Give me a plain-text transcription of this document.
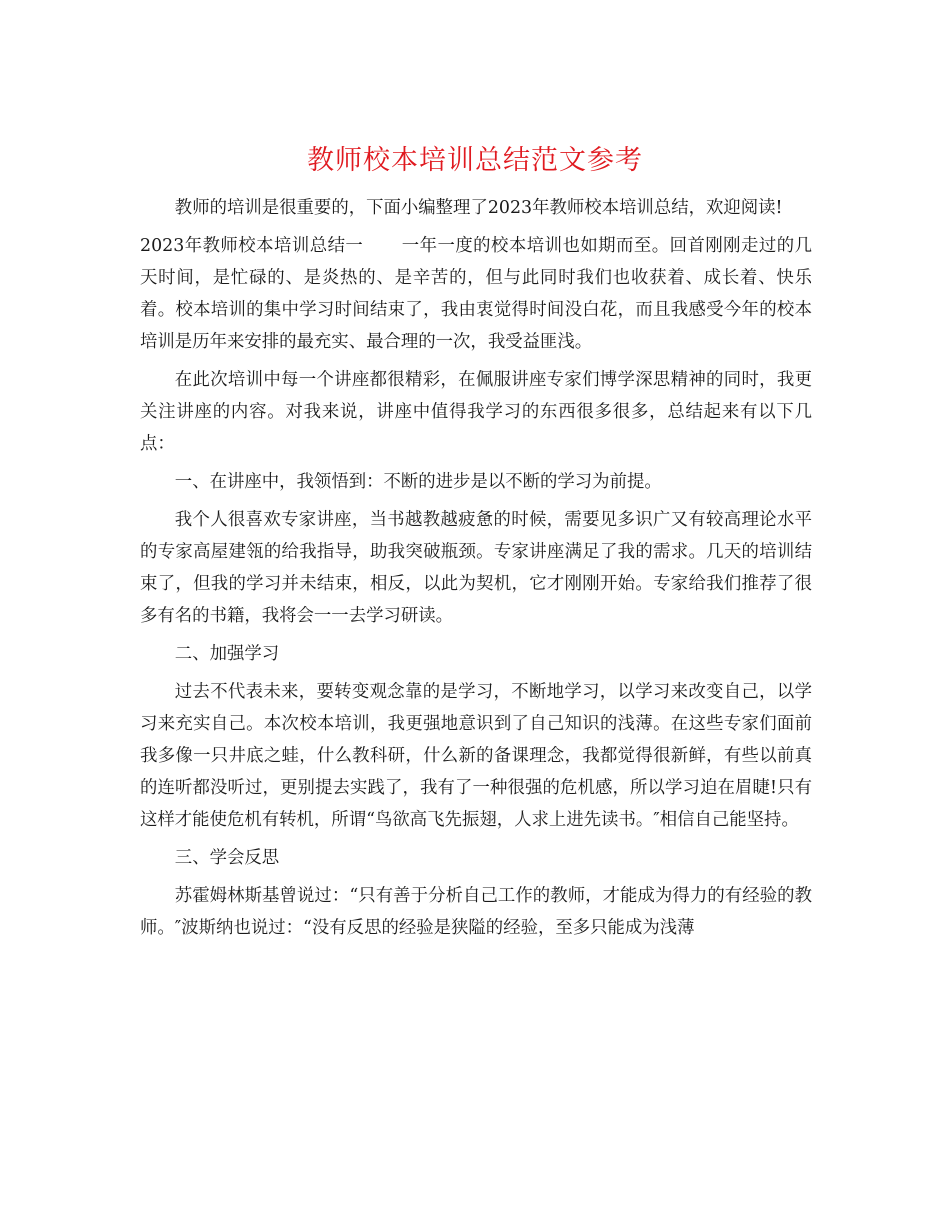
教师校本培训总结范文参考

教师的培训是很重要的，下面小编整理了2023年教师校本培训总结，欢迎阅读!

2023年教师校本培训总结一 一年一度的校本培训也如期而至。回首刚刚走过的几天时间，是忙碌的、是炎热的、是辛苦的，但与此同时我们也收获着、成长着、快乐着。校本培训的集中学习时间结束了，我由衷觉得时间没白花，而且我感受今年的校本培训是历年来安排的最充实、最合理的一次，我受益匪浅。

在此次培训中每一个讲座都很精彩，在佩服讲座专家们博学深思精神的同时，我更关注讲座的内容。对我来说，讲座中值得我学习的东西很多很多，总结起来有以下几点：

一、在讲座中，我领悟到：不断的进步是以不断的学习为前提。

我个人很喜欢专家讲座，当书越教越疲惫的时候，需要见多识广又有较高理论水平的专家高屋建瓴的给我指导，助我突破瓶颈。专家讲座满足了我的需求。几天的培训结束了，但我的学习并未结束，相反，以此为契机，它才刚刚开始。专家给我们推荐了很多有名的书籍，我将会一一去学习研读。

二、加强学习

过去不代表未来，要转变观念靠的是学习，不断地学习，以学习来改变自己，以学习来充实自己。本次校本培训，我更强地意识到了自己知识的浅薄。在这些专家们面前我多像一只井底之蛙，什么教科研，什么新的备课理念，我都觉得很新鲜，有些以前真的连听都没听过，更别提去实践了，我有了一种很强的危机感，所以学习迫在眉睫!只有这样才能使危机有转机，所谓“鸟欲高飞先振翅，人求上进先读书。″相信自己能坚持。

三、学会反思

苏霍姆林斯基曾说过：“只有善于分析自己工作的教师，才能成为得力的有经验的教师。″波斯纳也说过：“没有反思的经验是狭隘的经验，至多只能成为浅薄
